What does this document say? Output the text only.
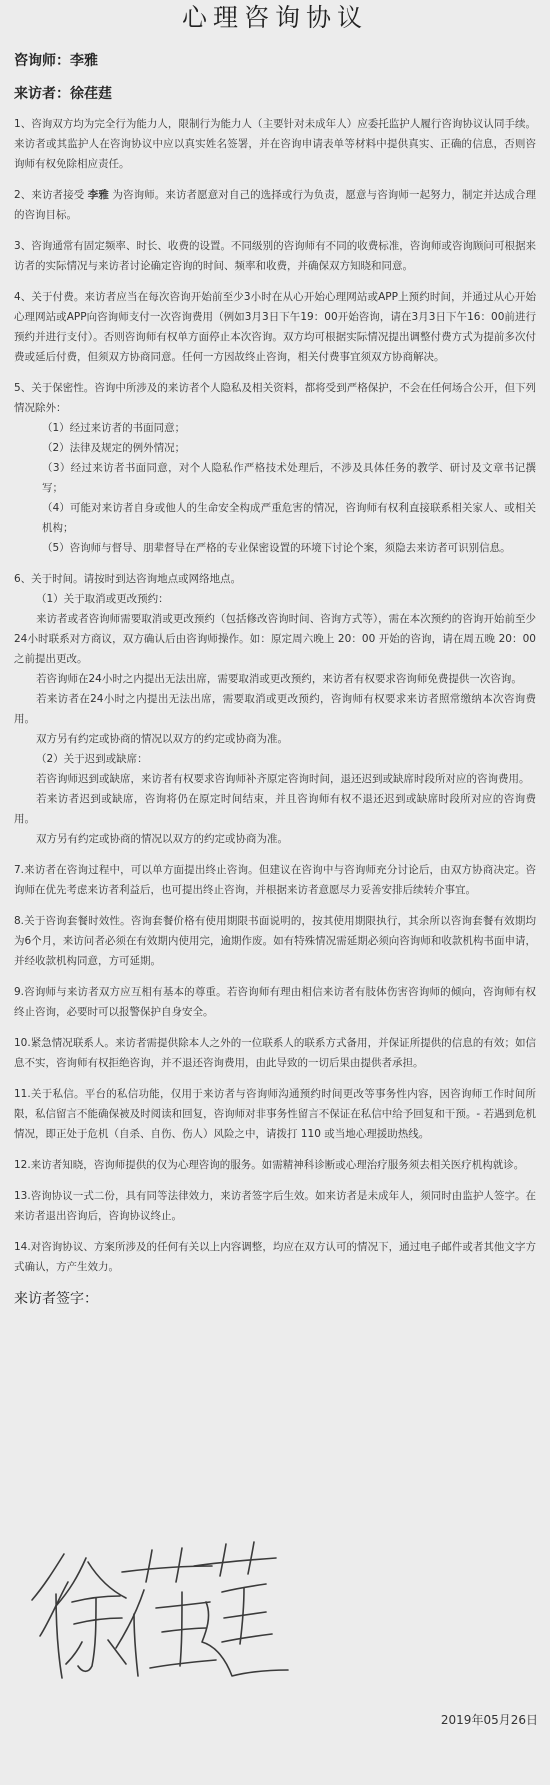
心理咨询协议
咨询师：李雅
来访者：徐荏莛
1、咨询双方均为完全行为能力人，限制行为能力人（主要针对未成年人）应委托监护人履行咨询协议认同手续。来访者或其监护人在咨询协议中应以真实姓名签署，并在咨询申请表单等材料中提供真实、正确的信息，否则咨询师有权免除相应责任。
2、来访者接受 李雅 为咨询师。来访者愿意对自己的选择或行为负责，愿意与咨询师一起努力，制定并达成合理的咨询目标。
3、咨询通常有固定频率、时长、收费的设置。不同级别的咨询师有不同的收费标准，咨询师或咨询顾问可根据来访者的实际情况与来访者讨论确定咨询的时间、频率和收费，并确保双方知晓和同意。
4、关于付费。来访者应当在每次咨询开始前至少3小时在从心开始心理网站或APP上预约时间，并通过从心开始心理网站或APP向咨询师支付一次咨询费用（例如3月3日下午19：00开始咨询，请在3月3日下午16：00前进行预约并进行支付）。否则咨询师有权单方面停止本次咨询。双方均可根据实际情况提出调整付费方式为提前多次付费或延后付费，但须双方协商同意。任何一方因故终止咨询，相关付费事宜须双方协商解决。
5、关于保密性。咨询中所涉及的来访者个人隐私及相关资料，都将受到严格保护，不会在任何场合公开，但下列情况除外：
（1）经过来访者的书面同意；
（2）法律及规定的例外情况；
（3）经过来访者书面同意，对个人隐私作严格技术处理后，不涉及具体任务的教学、研讨及文章书记撰写；
（4）可能对来访者自身或他人的生命安全构成严重危害的情况，咨询师有权利直接联系相关家人、或相关机构；
（5）咨询师与督导、朋辈督导在严格的专业保密设置的环境下讨论个案，须隐去来访者可识别信息。
6、关于时间。请按时到达咨询地点或网络地点。
（1）关于取消或更改预约：
来访者或者咨询师需要取消或更改预约（包括修改咨询时间、咨询方式等），需在本次预约的咨询开始前至少24小时联系对方商议，双方确认后由咨询师操作。如：原定周六晚上 20：00 开始的咨询，请在周五晚 20：00 之前提出更改。
若咨询师在24小时之内提出无法出席，需要取消或更改预约，来访者有权要求咨询师免费提供一次咨询。
若来访者在24小时之内提出无法出席，需要取消或更改预约，咨询师有权要求来访者照常缴纳本次咨询费用。
双方另有约定或协商的情况以双方的约定或协商为准。
（2）关于迟到或缺席：
若咨询师迟到或缺席，来访者有权要求咨询师补齐原定咨询时间，退还迟到或缺席时段所对应的咨询费用。
若来访者迟到或缺席，咨询将仍在原定时间结束，并且咨询师有权不退还迟到或缺席时段所对应的咨询费用。
双方另有约定或协商的情况以双方的约定或协商为准。
7.来访者在咨询过程中，可以单方面提出终止咨询。但建议在咨询中与咨询师充分讨论后，由双方协商决定。咨询师在优先考虑来访者利益后，也可提出终止咨询，并根据来访者意愿尽力妥善安排后续转介事宜。
8.关于咨询套餐时效性。咨询套餐价格有使用期限书面说明的，按其使用期限执行，其余所以咨询套餐有效期均为6个月，来访问者必须在有效期内使用完，逾期作废。如有特殊情况需延期必须向咨询师和收款机构书面申请，并经收款机构同意，方可延期。
9.咨询师与来访者双方应互相有基本的尊重。若咨询师有理由相信来访者有肢体伤害咨询师的倾向，咨询师有权终止咨询，必要时可以报警保护自身安全。
10.紧急情况联系人。来访者需提供除本人之外的一位联系人的联系方式备用，并保证所提供的信息的有效；如信息不实，咨询师有权拒绝咨询，并不退还咨询费用，由此导致的一切后果由提供者承担。
11.关于私信。平台的私信功能，仅用于来访者与咨询师沟通预约时间更改等事务性内容，因咨询师工作时间所限，私信留言不能确保被及时阅读和回复，咨询师对非事务性留言不保证在私信中给予回复和干预。- 若遇到危机情况，即正处于危机（自杀、自伤、伤人）风险之中，请拨打 110 或当地心理援助热线。
12.来访者知晓，咨询师提供的仅为心理咨询的服务。如需精神科诊断或心理治疗服务须去相关医疗机构就诊。
13.咨询协议一式二份，具有同等法律效力，来访者签字后生效。如来访者是未成年人，须同时由监护人签字。在来访者退出咨询后，咨询协议终止。
14.对咨询协议、方案所涉及的任何有关以上内容调整，均应在双方认可的情况下，通过电子邮件或者其他文字方式确认，方产生效力。
来访者签字：
2019年05月26日
